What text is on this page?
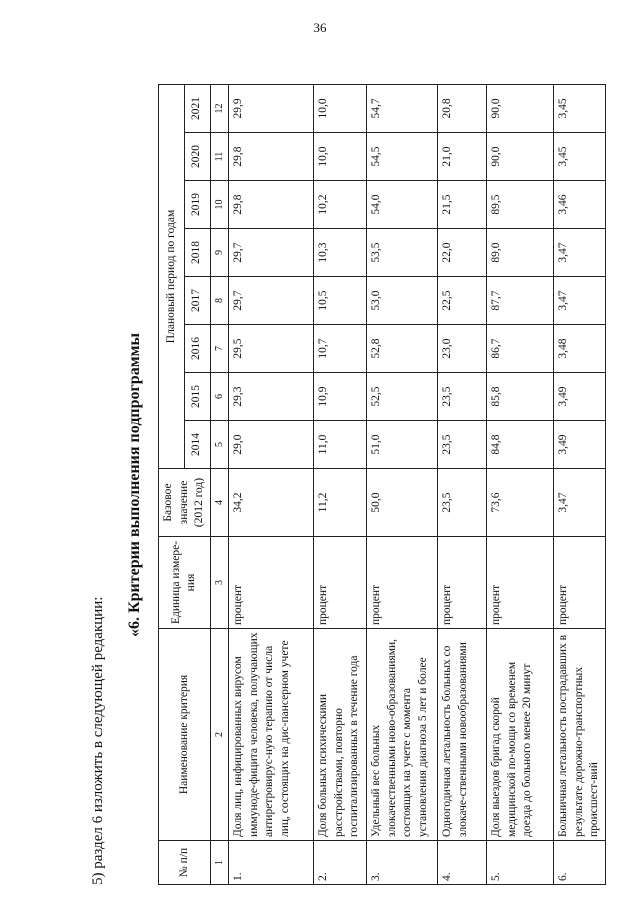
36
5) раздел 6 изложить в следующей редакции:
«6. Критерии выполнения подпрограммы
№ п/п	Наименование критерия	Единица измере-ния	Базовое значение (2012 год)	Плановый период по годам							
				2014	2015	2016	2017	2018	2019	2020	2021
1	2	3	4	5	6	7	8	9	10	11	12
1.	Доля лиц, инфицированных вирусом иммуноде-фицита человека, получающих антиретровирус-ную терапию от числа лиц, состоящих на дис-пансерном учете	процент	34,2	29,0	29,3	29,5	29,7	29,7	29,8	29,8	29,9
2.	Доля больных психическими расстройствами, повторно госпитализированных в течение года	процент	11,2	11,0	10,9	10,7	10,5	10,3	10,2	10,0	10,0
3.	Удельный вес больных злокачественными ново-образованиями, состоящих на учете с момента установления диагноза 5 лет и более	процент	50,0	51,0	52,5	52,8	53,0	53,5	54,0	54,5	54,7
4.	Одногодичная летальность больных со злокаче-ственными новообразованиями	процент	23,5	23,5	23,5	23,0	22,5	22,0	21,5	21,0	20,8
5.	Доля выездов бригад скорой медицинской по-мощи со временем доезда до больного менее 20 минут	процент	73,6	84,8	85,8	86,7	87,7	89,0	89,5	90,0	90,0
6.	Больничная летальность пострадавших в результате дорожно-транспортных происшест-вий	процент	3,47	3,49	3,49	3,48	3,47	3,47	3,46	3,45	3,45
